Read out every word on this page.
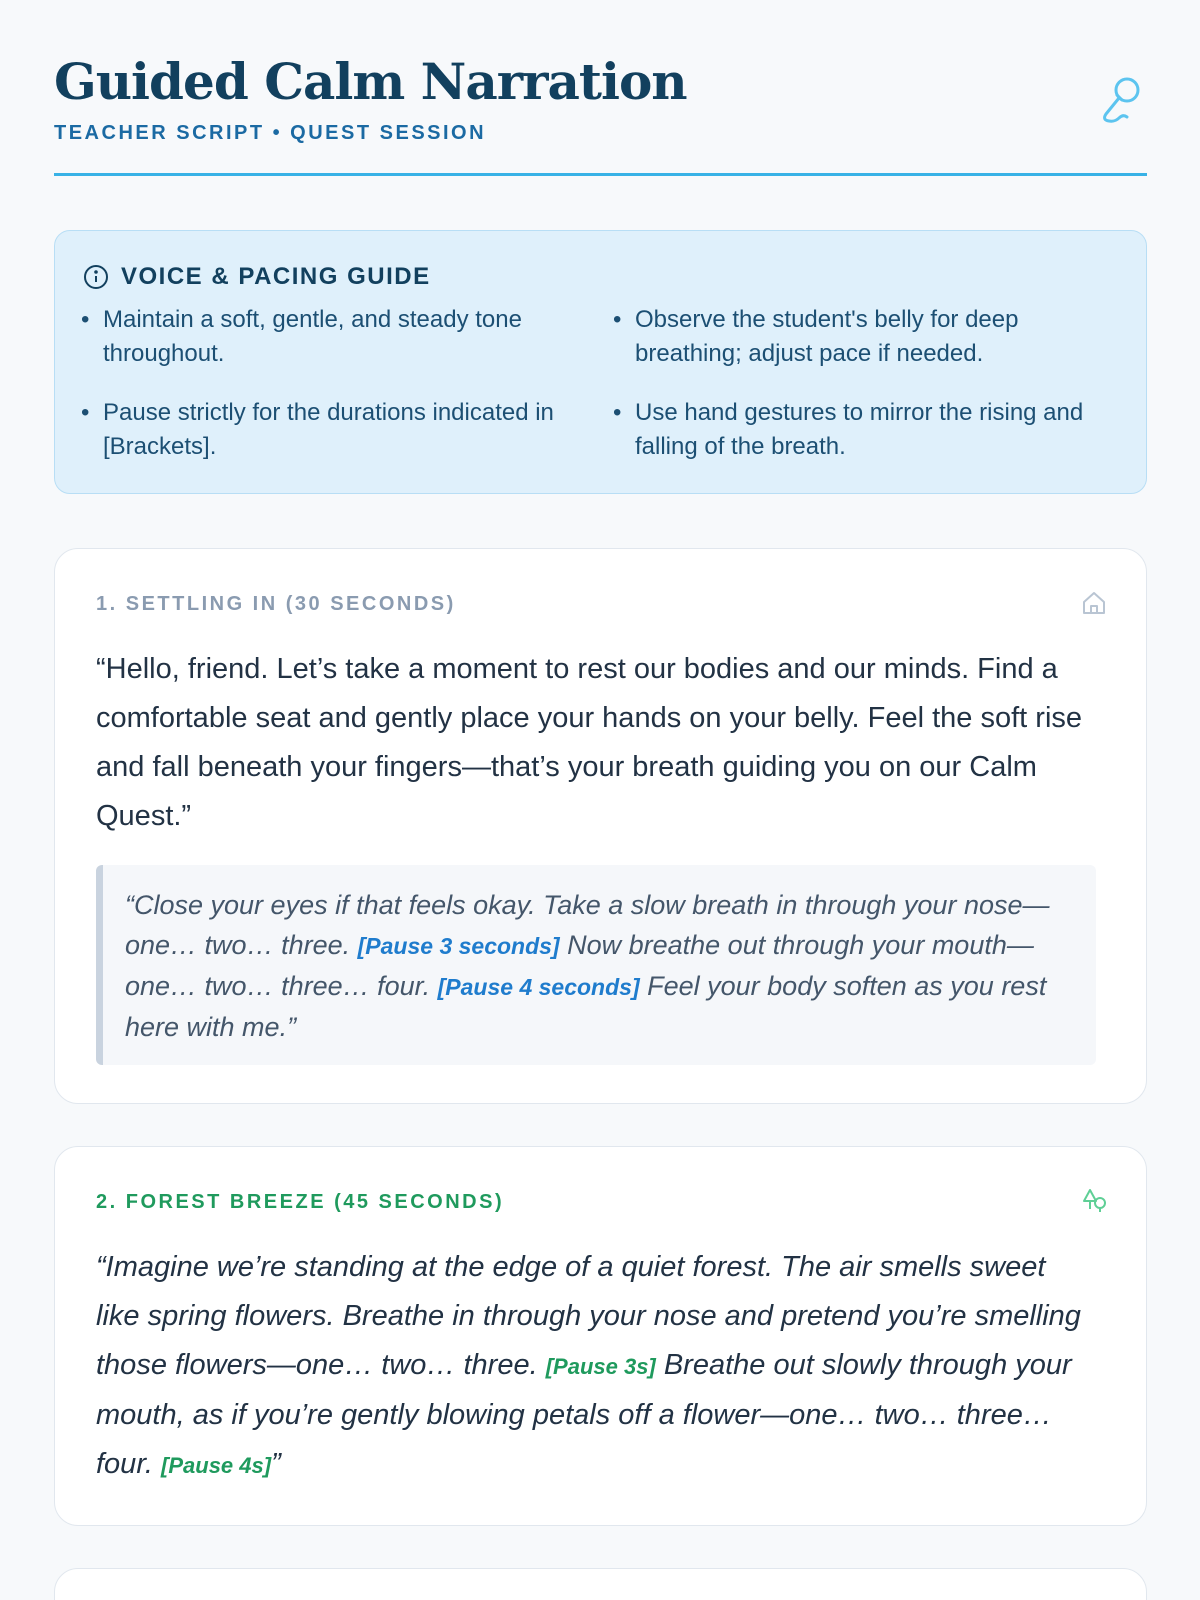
Guided Calm Narration
TEACHER SCRIPT • QUEST SESSION
VOICE & PACING GUIDE
• Maintain a soft, gentle, and steady tone throughout.
• Observe the student's belly for deep breathing; adjust pace if needed.
• Pause strictly for the durations indicated in [Brackets].
• Use hand gestures to mirror the rising and falling of the breath.
1. SETTLING IN (30 SECONDS)
“Hello, friend. Let’s take a moment to rest our bodies and our minds. Find a comfortable seat and gently place your hands on your belly. Feel the soft rise and fall beneath your fingers—that’s your breath guiding you on our Calm Quest.”
“Close your eyes if that feels okay. Take a slow breath in through your nose—one… two… three. [Pause 3 seconds] Now breathe out through your mouth—one… two… three… four. [Pause 4 seconds] Feel your body soften as you rest here with me.”
2. FOREST BREEZE (45 SECONDS)
“Imagine we’re standing at the edge of a quiet forest. The air smells sweet like spring flowers. Breathe in through your nose and pretend you’re smelling those flowers—one… two… three. [Pause 3s] Breathe out slowly through your mouth, as if you’re gently blowing petals off a flower—one… two… three… four. [Pause 4s]”
